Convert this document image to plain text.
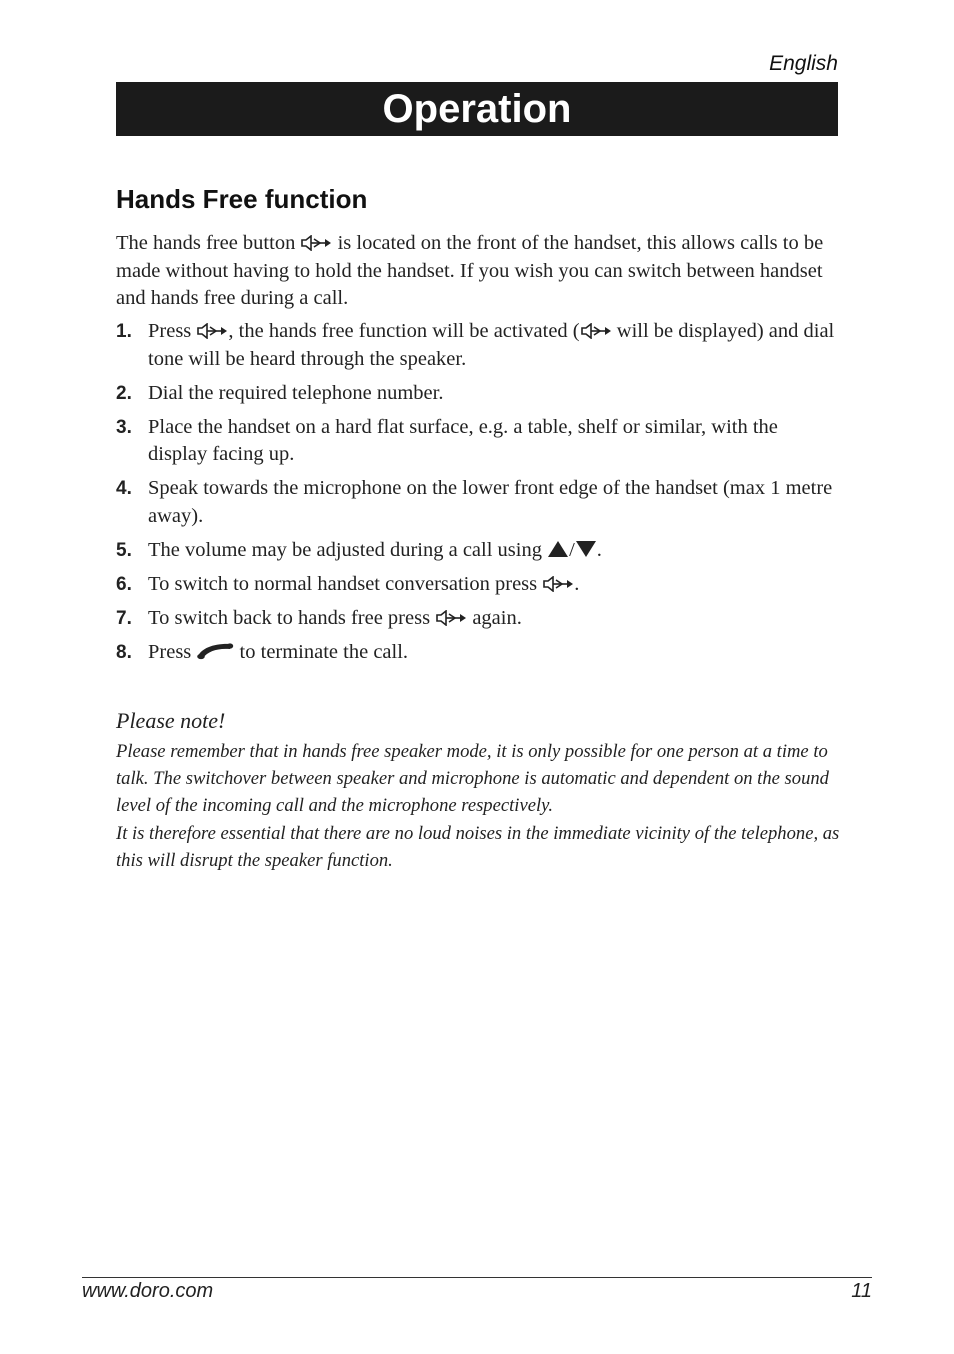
English
Operation
Hands Free function

The hands free button  is located on the front of the handset, this allows calls to be made without having to hold the handset. If you wish you can switch between handset and hands free during a call.

1. Press , the hands free function will be activated ( will be displayed) and dial tone will be heard through the speaker.
2. Dial the required telephone number.
3. Place the handset on a hard flat surface, e.g. a table, shelf or similar, with the display facing up.
4. Speak towards the microphone on the lower front edge of the handset (max 1 metre away).
5. The volume may be adjusted during a call using / .
6. To switch to normal handset conversation press .
7. To switch back to hands free press  again.
8. Press  to terminate the call.
Please note!

Please remember that in hands free speaker mode, it is only possible for one person at a time to talk. The switchover between speaker and microphone is automatic and dependent on the sound level of the incoming call and the microphone respectively.
It is therefore essential that there are no loud noises in the immediate vicinity of the telephone, as this will disrupt the speaker function.

www.doro.com	11
